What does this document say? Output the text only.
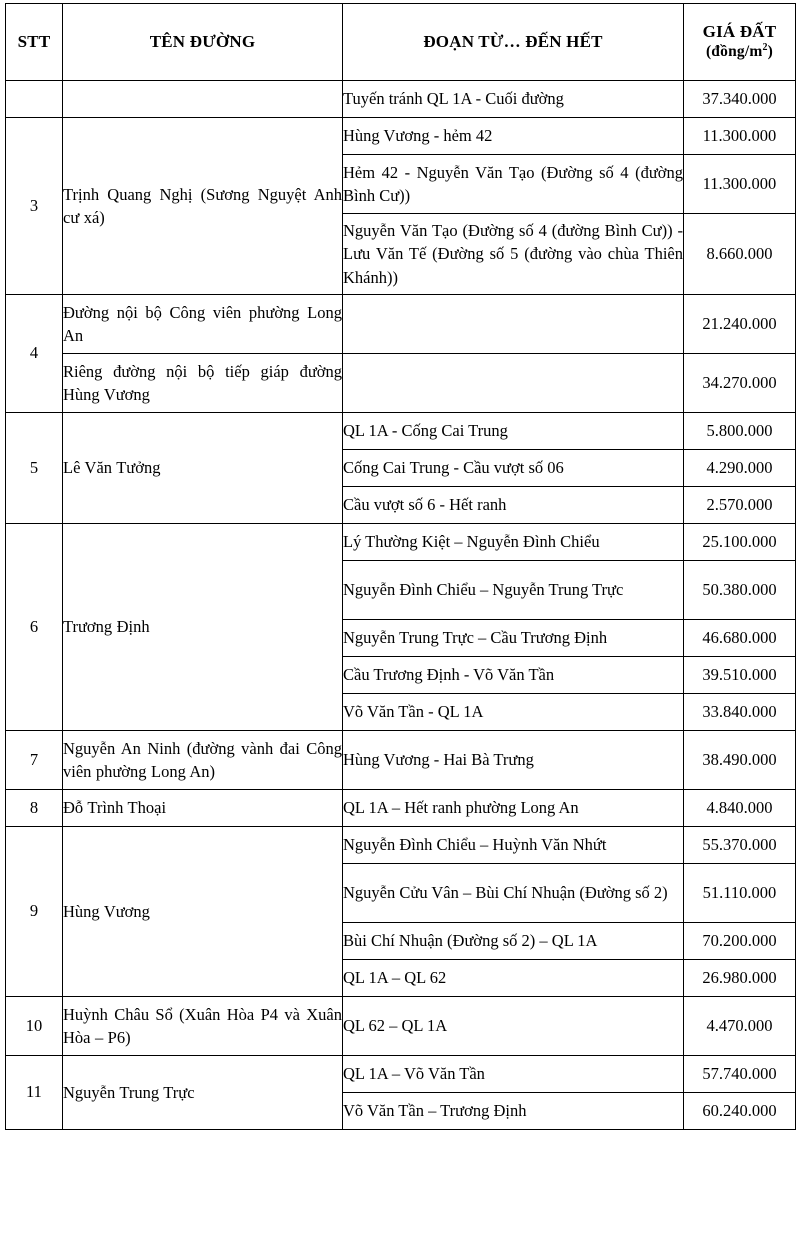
STT	TÊN ĐƯỜNG	ĐOẠN TỪ… ĐẾN HẾT	GIÁ ĐẤT
$(đồng/m^2)$

		Tuyến tránh QL 1A - Cuối đường	37.340.000
3	Trịnh Quang Nghị (Sương Nguyệt Anh cư xá)	Hùng Vương - hẻm 42	11.300.000
		Hẻm 42 - Nguyễn Văn Tạo (Đường số 4 (đường Bình Cư))	11.300.000
		Nguyễn Văn Tạo (Đường số 4 (đường Bình Cư)) - Lưu Văn Tế (Đường số 5 (đường vào chùa Thiên Khánh))	8.660.000
4	Đường nội bộ Công viên phường Long An		21.240.000
	Riêng đường nội bộ tiếp giáp đường Hùng Vương		34.270.000
5	Lê Văn Tưởng	QL 1A - Cống Cai Trung	5.800.000
		Cống Cai Trung - Cầu vượt số 06	4.290.000
		Cầu vượt số 6 - Hết ranh	2.570.000
6	Trương Định	Lý Thường Kiệt – Nguyễn Đình Chiểu	25.100.000
		Nguyễn Đình Chiểu – Nguyễn Trung Trực	50.380.000
		Nguyễn Trung Trực – Cầu Trương Định	46.680.000
		Cầu Trương Định - Võ Văn Tần	39.510.000
		Võ Văn Tần - QL 1A	33.840.000
7	Nguyễn An Ninh (đường vành đai Công viên phường Long An)	Hùng Vương - Hai Bà Trưng	38.490.000
8	Đỗ Trình Thoại	QL 1A – Hết ranh phường Long An	4.840.000
9	Hùng Vương	Nguyễn Đình Chiểu – Huỳnh Văn Nhứt	55.370.000
		Nguyễn Cửu Vân – Bùi Chí Nhuận (Đường số 2)	51.110.000
		Bùi Chí Nhuận (Đường số 2) – QL 1A	70.200.000
		QL 1A – QL 62	26.980.000
10	Huỳnh Châu Sổ (Xuân Hòa P4 và Xuân Hòa – P6)	QL 62 – QL 1A	4.470.000
11	Nguyễn Trung Trực	QL 1A – Võ Văn Tần	57.740.000
		Võ Văn Tần – Trương Định	60.240.000
